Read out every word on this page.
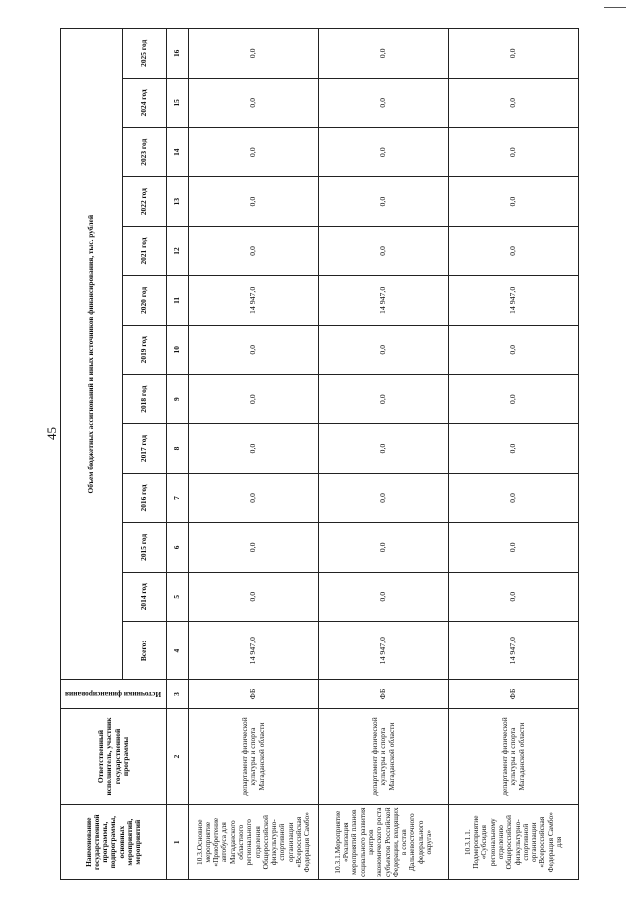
45
Наименование государственной программы, подпрограммы, основных мероприятий, мероприятий	Ответственный исполнитель, участник государственной программы	Источники финансирования	Объем бюджетных ассигнований и иных источников финансирования, тыс. рублей												
			Всего:	2014 год	2015 год	2016 год	2017 год	2018 год	2019 год	2020 год	2021 год	2022 год	2023 год	2024 год	2025 год
1	2	3	4	5	6	7	8	9	10	11	12	13	14	15	16
10.3.Основное мероприятие «Приобретение автобуса для Магаданского областного регионального отделения Общероссийской физкультурно-спортивной организации «Всероссийская Федерация Самбо»	департамент физической культуры и спорта Магаданской области	ФБ	14 947,0	0,0	0,0	0,0	0,0	0,0	0,0	14 947,0	0,0	0,0	0,0	0,0	0,0
10.3.1.Мероприятие «Реализация мероприятий планов социального развития центров экономического роста субъектов Российской Федерации, входящих в состав Дальневосточного федерального округа»	департамент физической культуры и спорта Магаданской области	ФБ	14 947,0	0,0	0,0	0,0	0,0	0,0	0,0	14 947,0	0,0	0,0	0,0	0,0	0,0
10.3.1.1. Подмероприятие «Субсидия региональному отделению Общероссийской физкультурно-спортивной организации «Всероссийская Федерация Самбо» для	департамент физической культуры и спорта Магаданской области	ФБ	14 947,0	0,0	0,0	0,0	0,0	0,0	0,0	14 947,0	0,0	0,0	0,0	0,0	0,0
